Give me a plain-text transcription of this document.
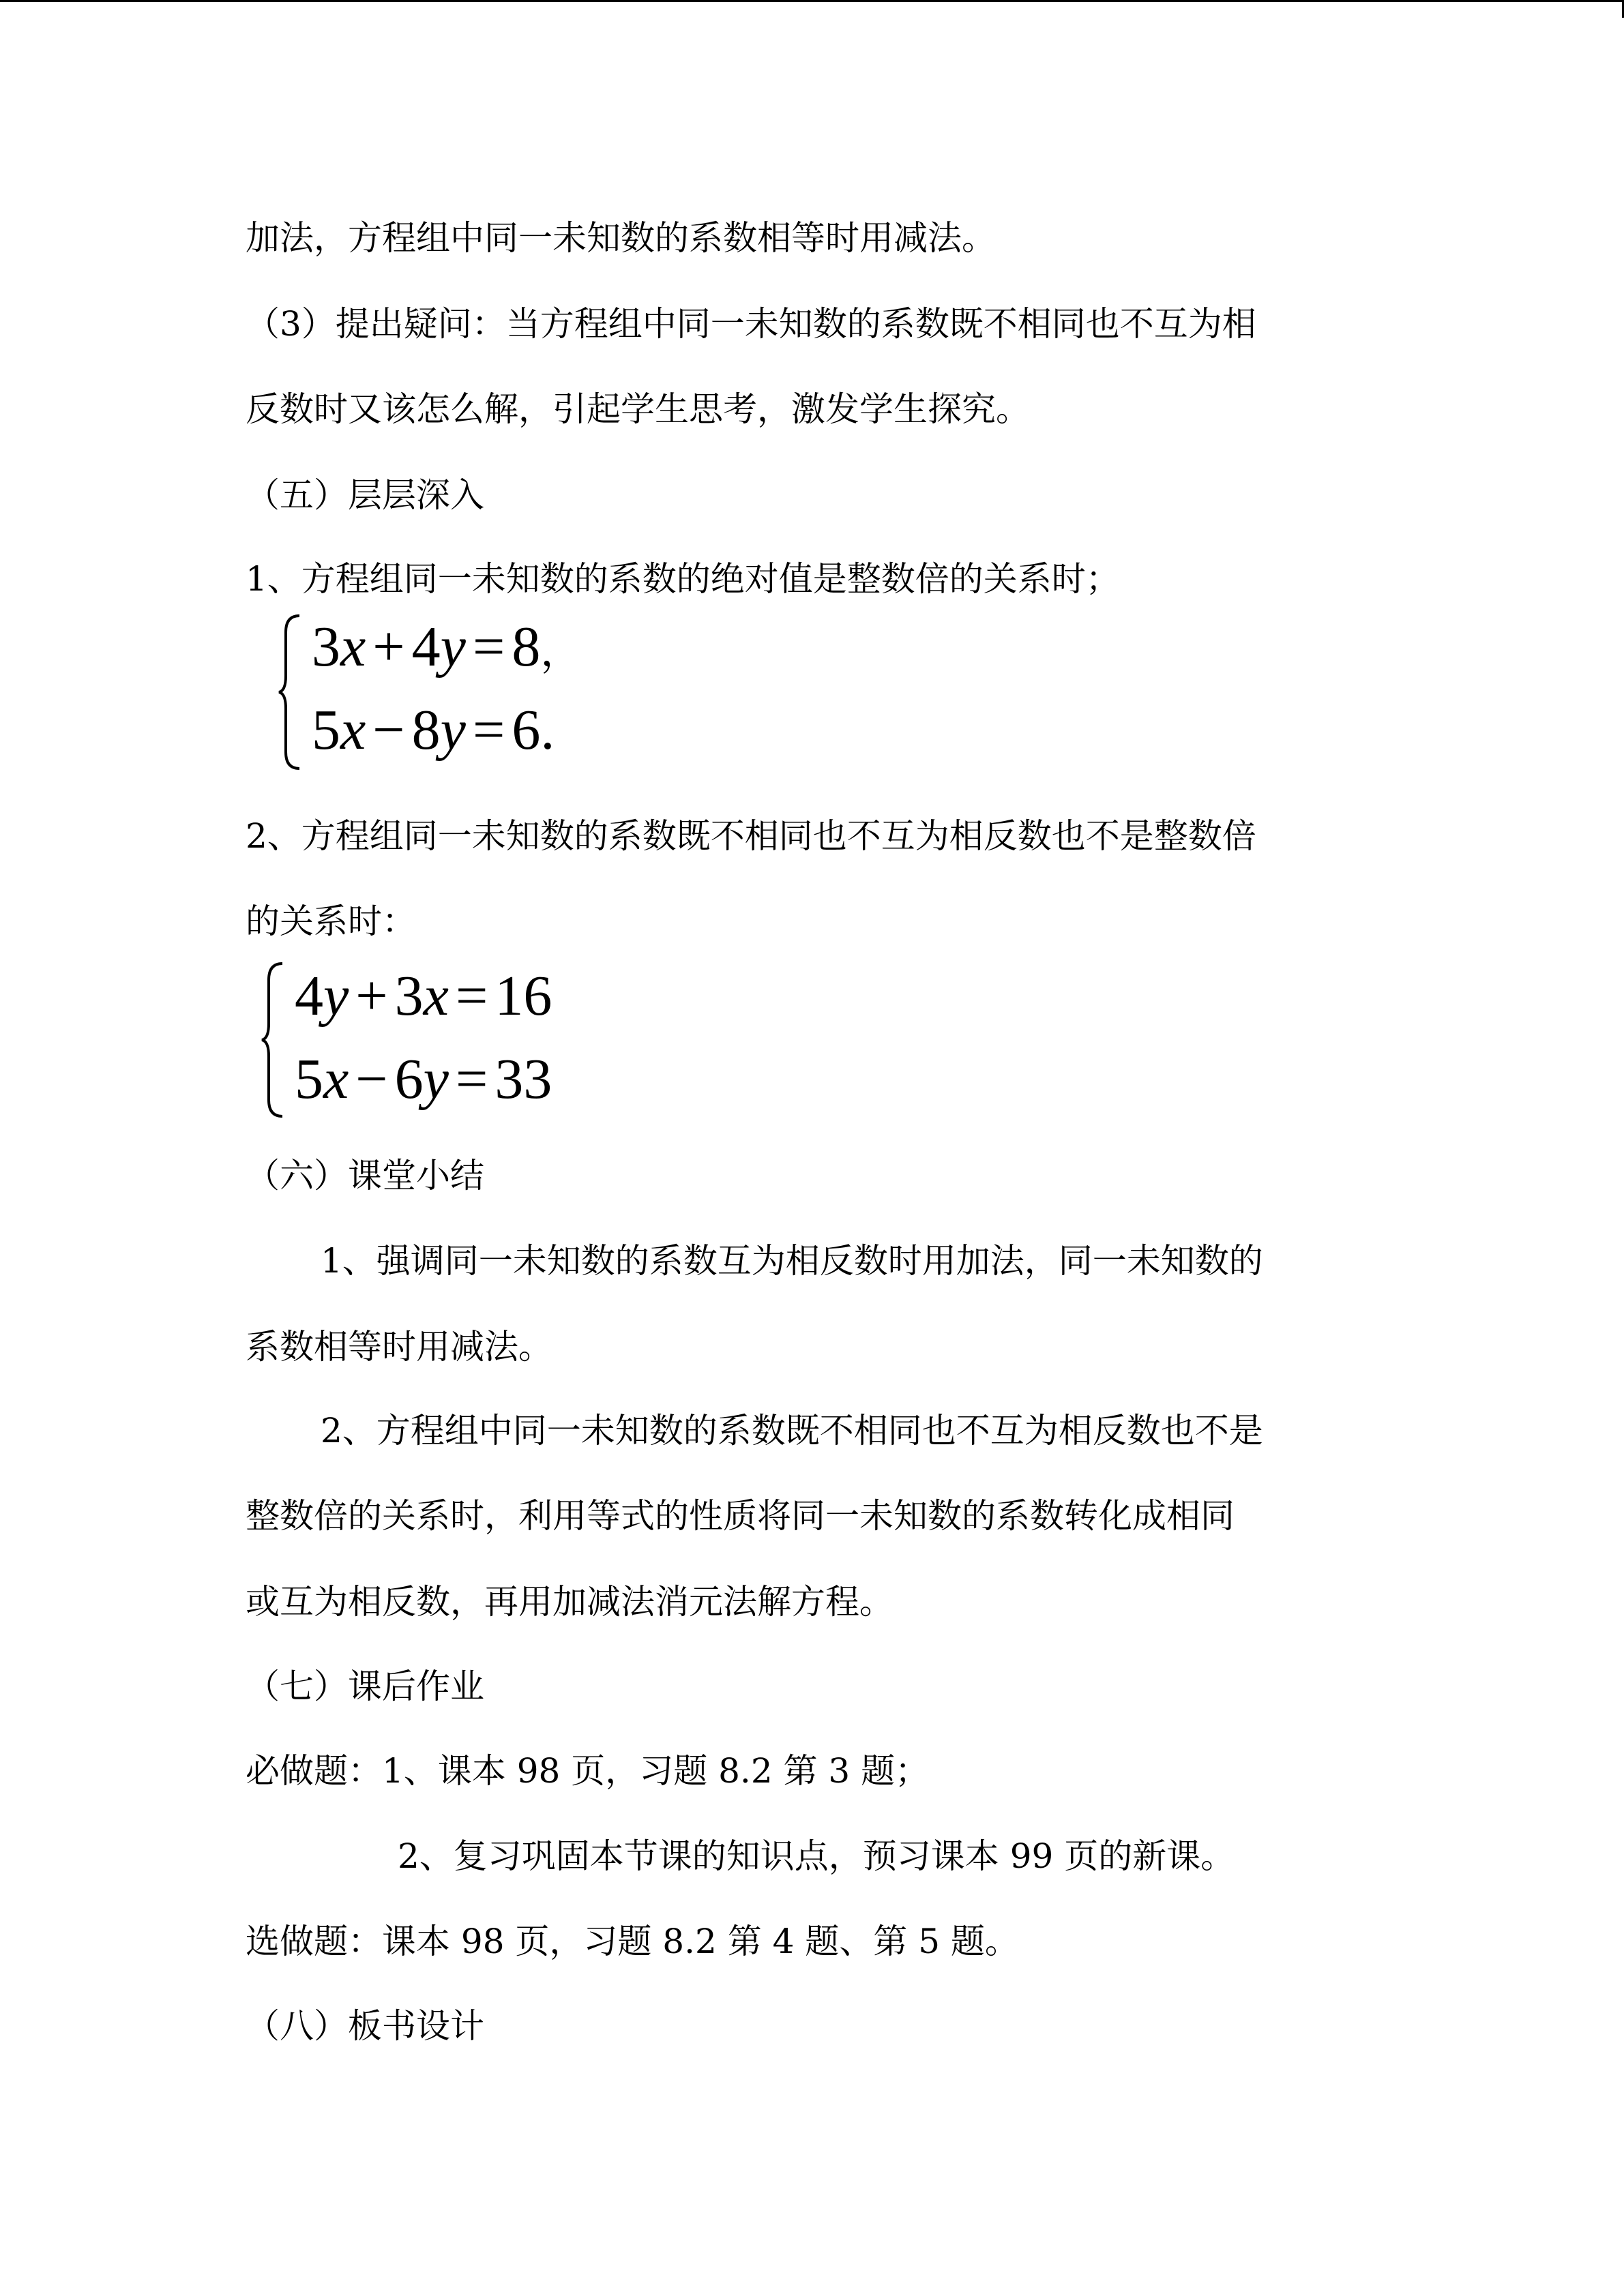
加法，方程组中同一未知数的系数相等时用减法。

（3）提出疑问：当方程组中同一未知数的系数既不相同也不互为相

反数时又该怎么解，引起学生思考，激发学生探究。

（五）层层深入

1、方程组同一未知数的系数的绝对值是整数倍的关系时；

3x + 4y = 8，
5x − 8y = 6.

2、方程组同一未知数的系数既不相同也不互为相反数也不是整数倍

的关系时：

4y + 3x = 16
5x − 6y = 33

（六）课堂小结

1、强调同一未知数的系数互为相反数时用加法，同一未知数的

系数相等时用减法。

2、方程组中同一未知数的系数既不相同也不互为相反数也不是

整数倍的关系时，利用等式的性质将同一未知数的系数转化成相同

或互为相反数，再用加减法消元法解方程。

（七）课后作业

必做题：1、课本 98 页，习题 8.2 第 3 题；

2、复习巩固本节课的知识点，预习课本 99 页的新课。

选做题：课本 98 页，习题 8.2 第 4 题、第 5 题。

（八）板书设计
